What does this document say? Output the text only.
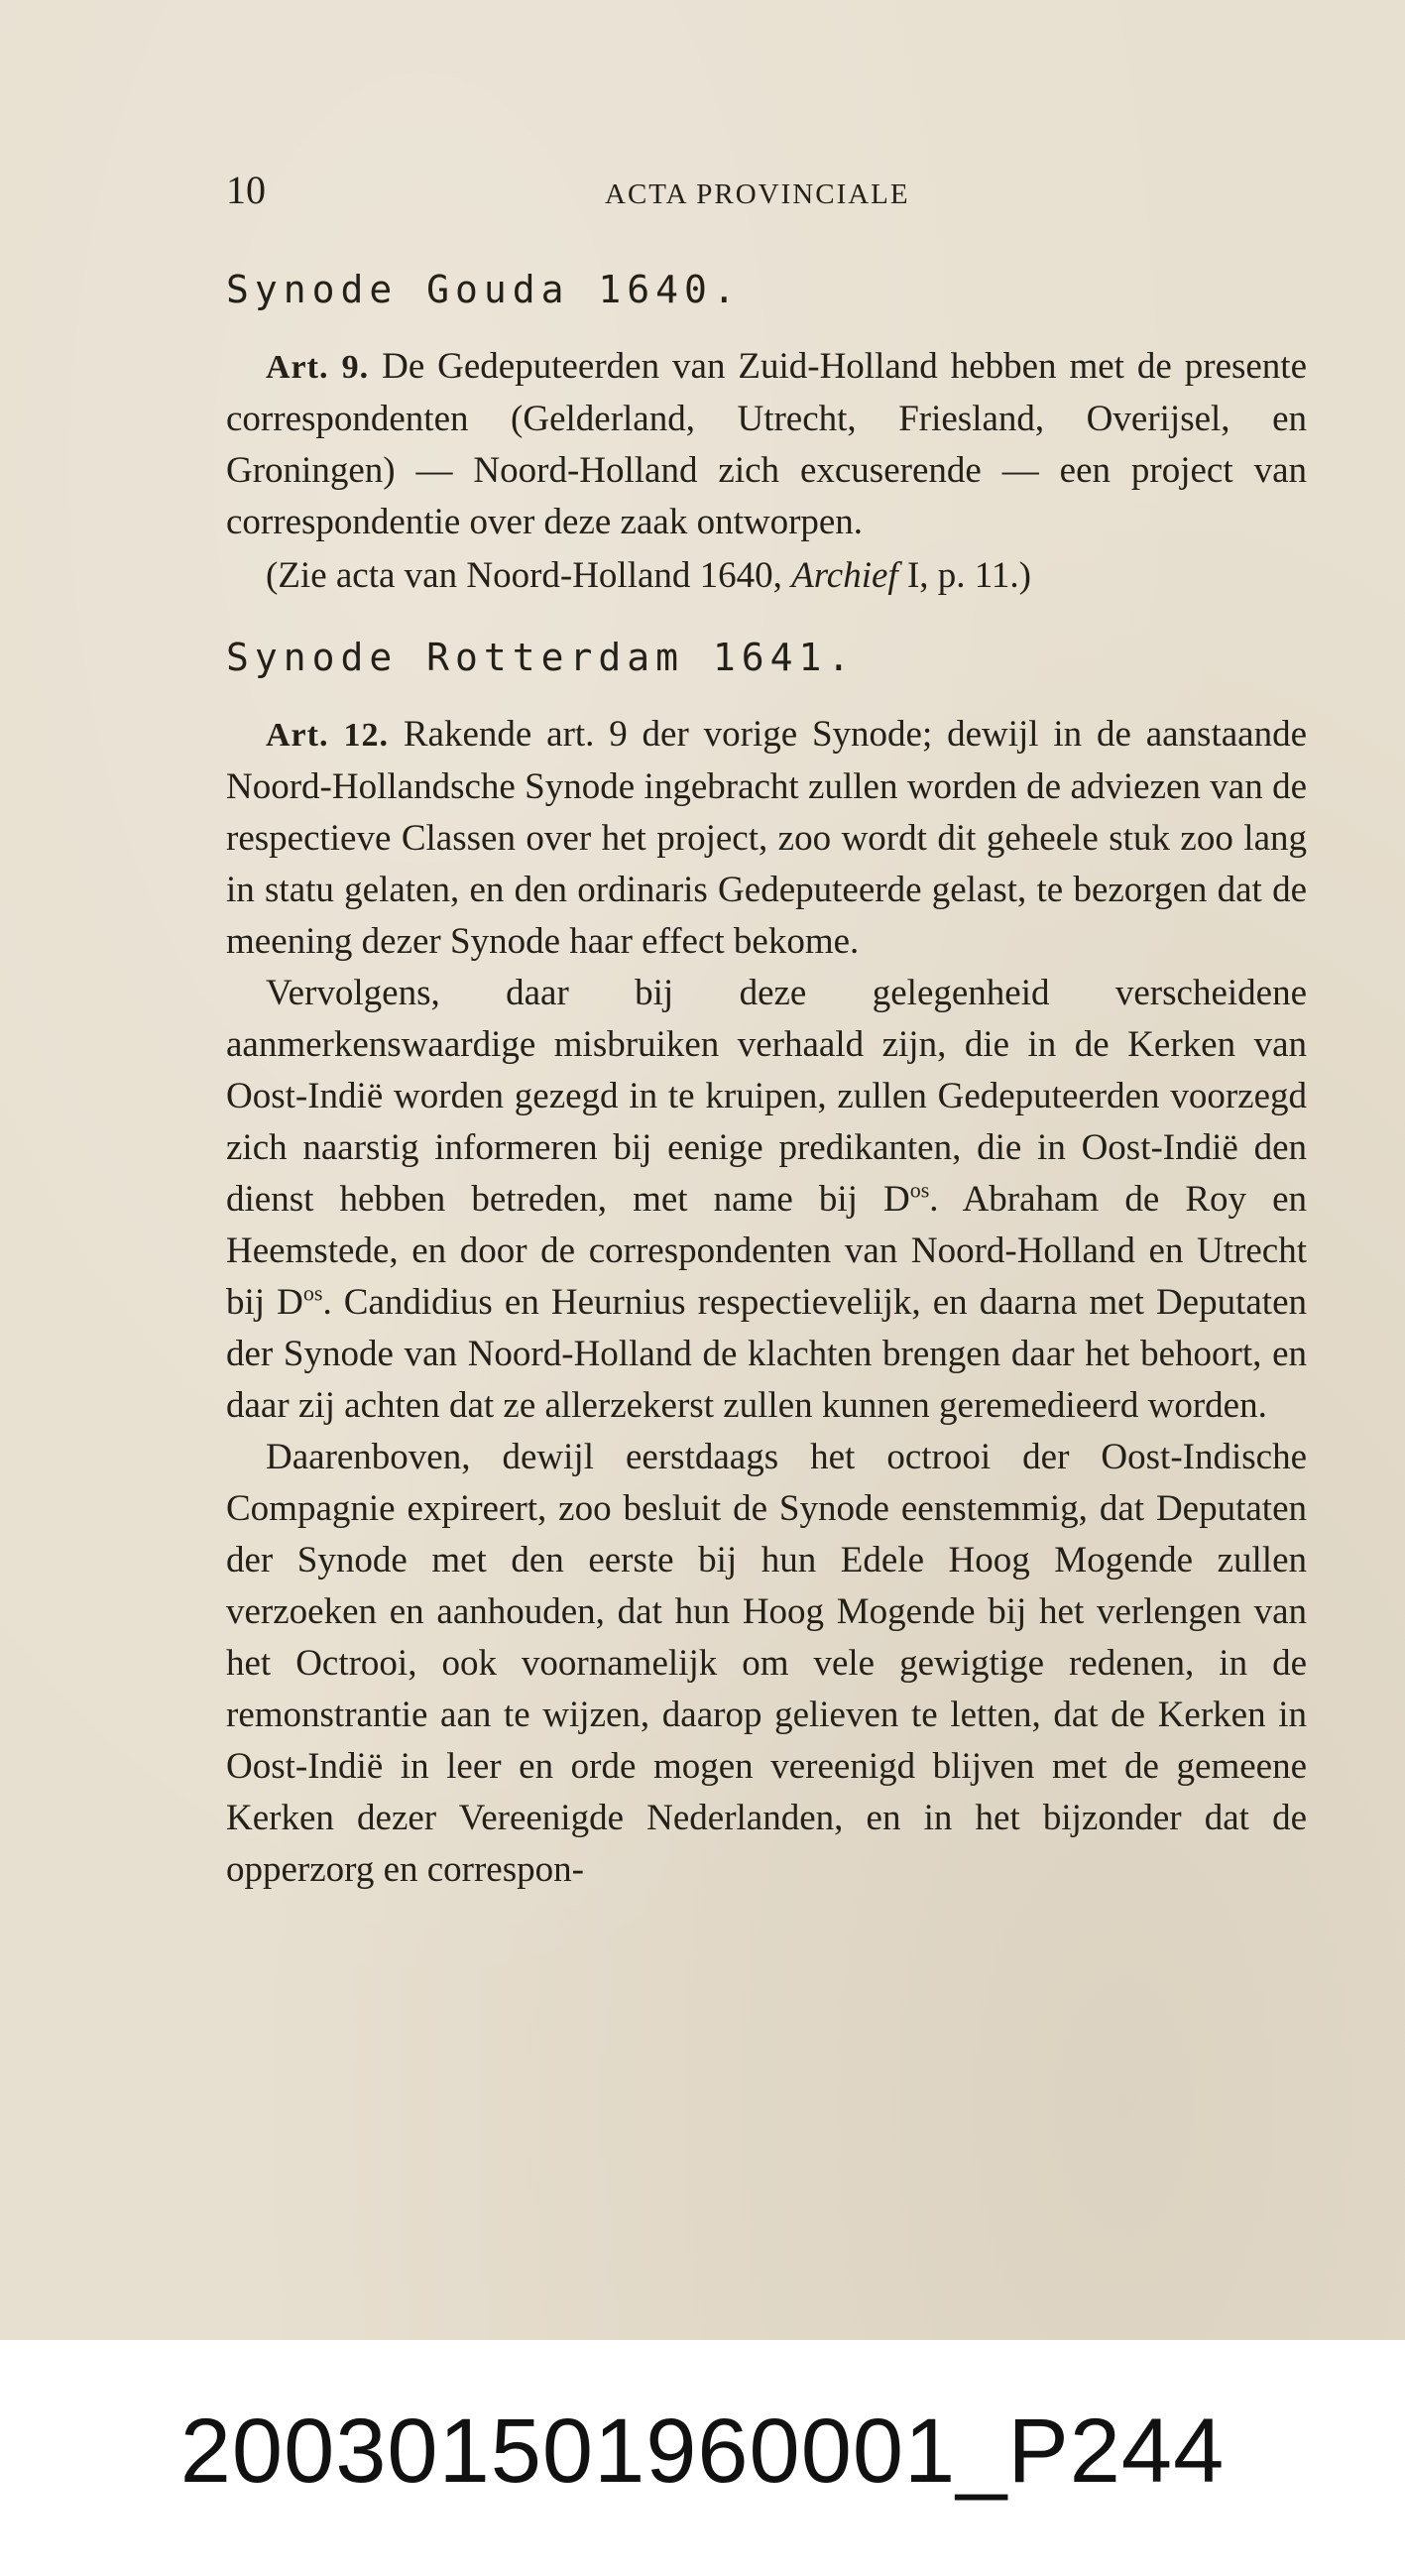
10	ACTA PROVINCIALE

Synode Gouda 1640.

Art. 9. De Gedeputeerden van Zuid-Holland hebben met de presente correspondenten (Gelderland, Utrecht, Friesland, Overijsel, en Groningen) — Noord-Holland zich excuserende — een project van correspondentie over deze zaak ontworpen.

(Zie acta van Noord-Holland 1640, Archief I, p. 11.)

Synode Rotterdam 1641.

Art. 12. Rakende art. 9 der vorige Synode; dewijl in de aanstaande Noord-Hollandsche Synode ingebracht zullen worden de adviezen van de respectieve Classen over het project, zoo wordt dit geheele stuk zoo lang in statu gelaten, en den ordinaris Gedeputeerde gelast, te bezorgen dat de meening dezer Synode haar effect bekome.

Vervolgens, daar bij deze gelegenheid verscheidene aanmerkenswaardige misbruiken verhaald zijn, die in de Kerken van Oost-Indië worden gezegd in te kruipen, zullen Gedeputeerden voorzegd zich naarstig informeren bij eenige predikanten, die in Oost-Indië den dienst hebben betreden, met name bij $D^{os}$. Abraham de Roy en Heemstede, en door de correspondenten van Noord-Holland en Utrecht bij $D^{os}$. Candidius en Heurnius respectievelijk, en daarna met Deputaten der Synode van Noord-Holland de klachten brengen daar het behoort, en daar zij achten dat ze allerzekerst zullen kunnen geremedieerd worden.

Daarenboven, dewijl eerstdaags het octrooi der Oost-Indische Compagnie expireert, zoo besluit de Synode eenstemmig, dat Deputaten der Synode met den eerste bij hun Edele Hoog Mogende zullen verzoeken en aanhouden, dat hun Hoog Mogende bij het verlengen van het Octrooi, ook voornamelijk om vele gewigtige redenen, in de remonstrantie aan te wijzen, daarop gelieven te letten, dat de Kerken in Oost-Indië in leer en orde mogen vereenigd blijven met de gemeene Kerken dezer Vereenigde Nederlanden, en in het bijzonder dat de opperzorg en correspon-

200301501960001_P244
